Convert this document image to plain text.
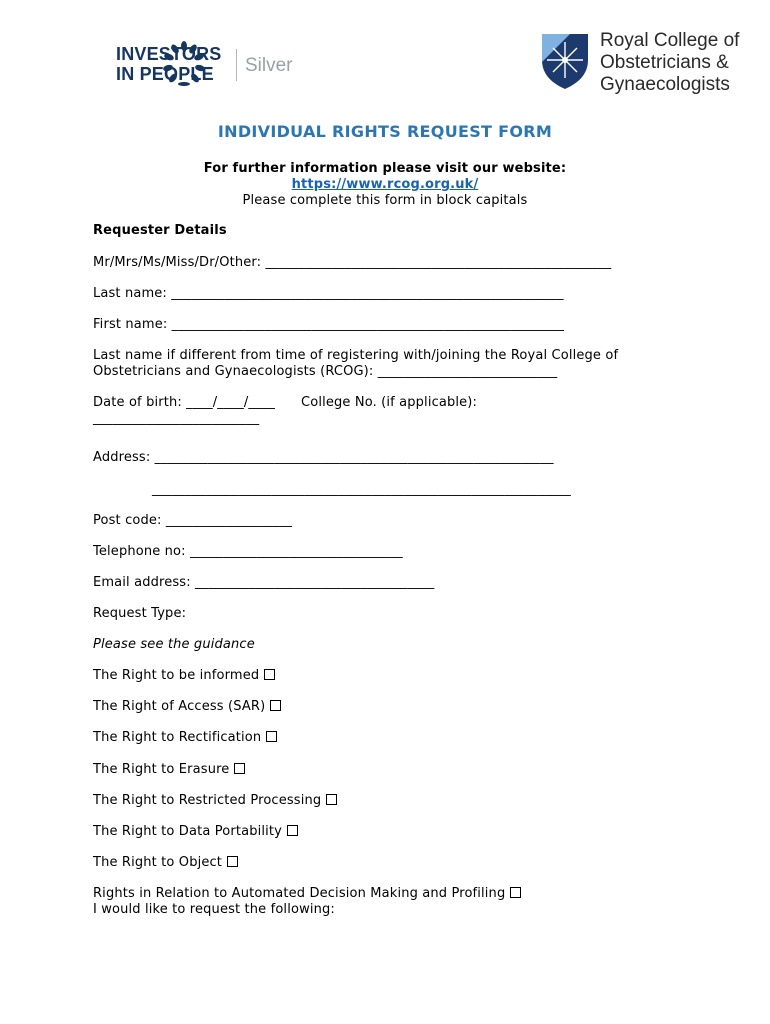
INVESTORS
IN PEOPLE Silver
Royal College of
Obstetricians &
Gynaecologists
INDIVIDUAL RIGHTS REQUEST FORM
For further information please visit our website:
https://www.rcog.org.uk/
Please complete this form in block capitals
Requester Details
Mr/Mrs/Ms/Miss/Dr/Other: ____________________________________________________
Last name: ___________________________________________________________
First name: ___________________________________________________________
Last name if different from time of registering with/joining the Royal College of
Obstetricians and Gynaecologists (RCOG): ___________________________
Date of birth: ____/____/____ College No. (if applicable):
_________________________
Address: ____________________________________________________________
_______________________________________________________________
Post code: ___________________
Telephone no: ________________________________
Email address: ____________________________________
Request Type:
Please see the guidance
The Right to be informed
The Right of Access (SAR)
The Right to Rectification
The Right to Erasure
The Right to Restricted Processing
The Right to Data Portability
The Right to Object
Rights in Relation to Automated Decision Making and Profiling
I would like to request the following:
